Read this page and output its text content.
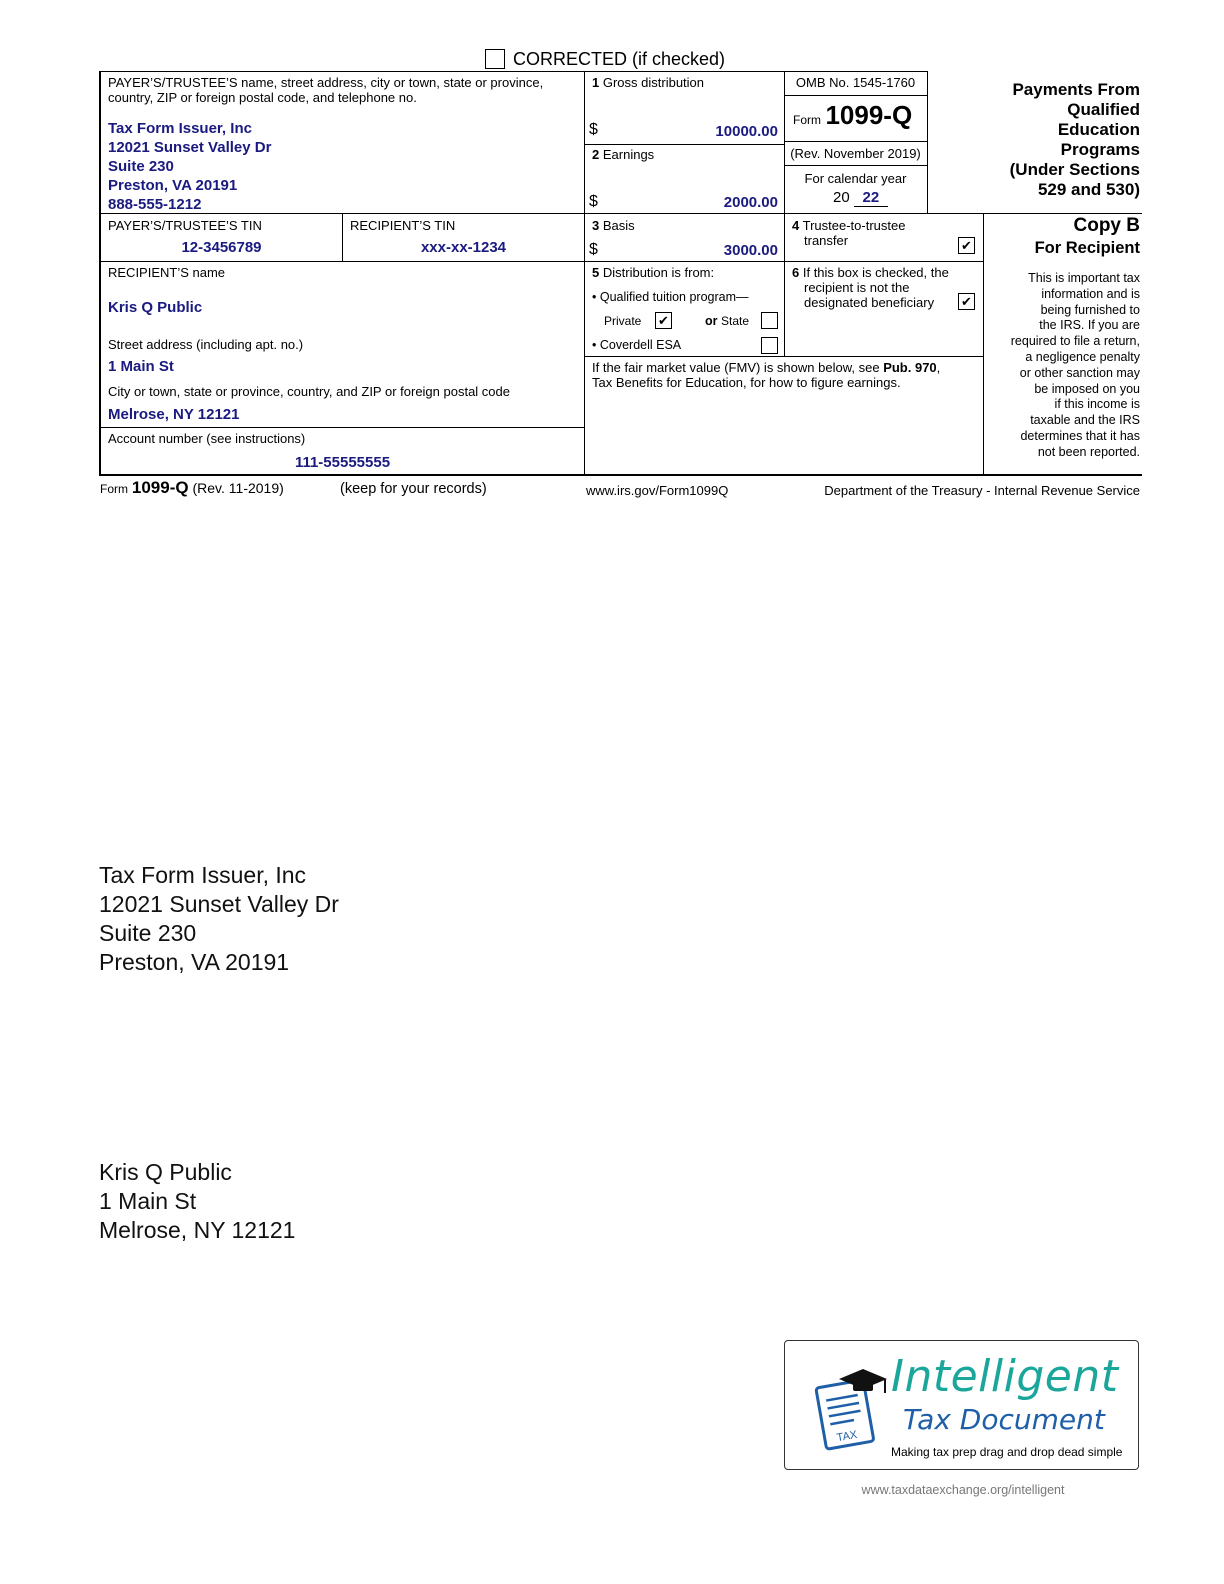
CORRECTED (if checked)
PAYER’S/TRUSTEE’S name, street address, city or town, state or province, country, ZIP or foreign postal code, and telephone no.
Tax Form Issuer, Inc
12021 Sunset Valley Dr
Suite 230
Preston, VA 20191
888-555-1212
1 Gross distribution
$	10000.00
2 Earnings
$	2000.00
OMB No. 1545-1760
Form 1099-Q
(Rev. November 2019)
For calendar year
20 22
Payments From
Qualified
Education
Programs
(Under Sections
529 and 530)
Copy B
For Recipient
This is important tax
information and is
being furnished to
the IRS. If you are
required to file a return,
a negligence penalty
or other sanction may
be imposed on you
if this income is
taxable and the IRS
determines that it has
not been reported.
PAYER’S/TRUSTEE’S TIN
12-3456789
RECIPIENT’S TIN
xxx-xx-1234
3 Basis
$	3000.00
4 Trustee-to-trustee
transfer	✔
RECIPIENT’S name
Kris Q Public
Street address (including apt. no.)
1 Main St
City or town, state or province, country, and ZIP or foreign postal code
Melrose, NY 12121
Account number (see instructions)
111-55555555
5 Distribution is from:
• Qualified tuition program—
Private ✔	or State
• Coverdell ESA
6 If this box is checked, the
recipient is not the
designated beneficiary	✔
If the fair market value (FMV) is shown below, see Pub. 970,
Tax Benefits for Education, for how to figure earnings.
Form 1099-Q (Rev. 11-2019)	(keep for your records)	www.irs.gov/Form1099Q	Department of the Treasury - Internal Revenue Service
Tax Form Issuer, Inc
12021 Sunset Valley Dr
Suite 230
Preston, VA 20191
Kris Q Public
1 Main St
Melrose, NY 12121
TAX
Intelligent
Tax Document
Making tax prep drag and drop dead simple
www.taxdataexchange.org/intelligent
